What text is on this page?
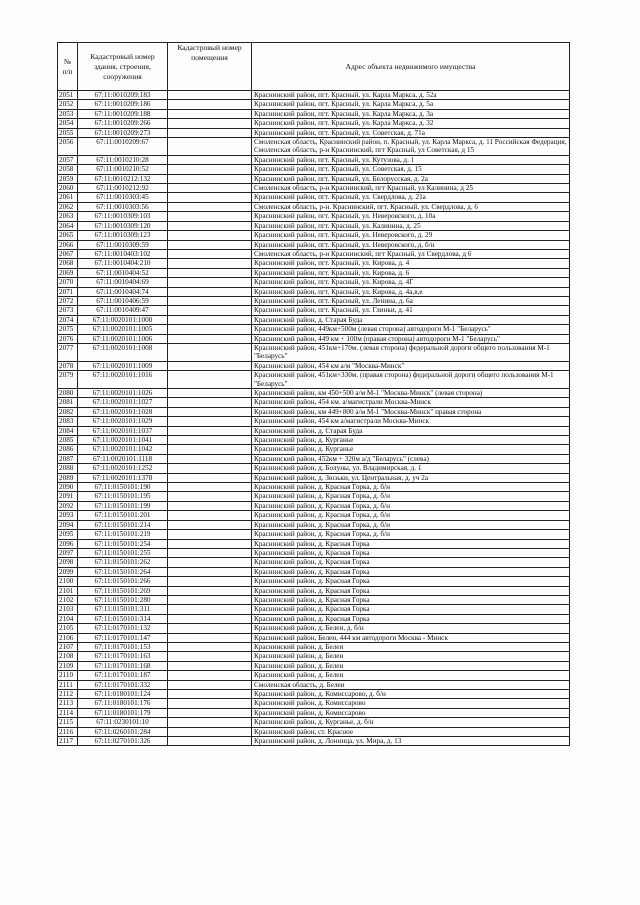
№ п/п	Кадастровый номер здания, строения, сооружения	Кадастровый номер помещения	Адрес объекта недвижимого имущества
2051	67:11:0010209:183		Краснинский район, пгт. Красный, ул. Карла Маркса, д. 52а
2052	67:11:0010209:186		Краснинский район, пгт. Красный, ул. Карла Маркса, д. 5а
2053	67:11:0010209:188		Краснинский район, пгт. Красный, ул. Карла Маркса, д. 3а
2054	67:11:0010209:266		Краснинский район, пгт. Красный, ул. Карла Маркса, д. 32
2055	67:11:0010209:273		Краснинский район, пгт. Красный, ул. Советская, д. 71а
2056	67:11:0010209:67		Смоленская область, Краснинский район, п. Красный, ул. Карла Маркса, д. 11 Российская Федерация, Смоленская область, р-н Краснинский, пгт Красный, ул Советская, д 15
2057	67:11:0010210:28		Краснинский район, пгт. Красный, ул. Кутузова, д. 1
2058	67:11:0010210:52		Краснинский район, пгт. Красный, ул. Советская, д. 15
2059	67:11:0010212:132		Краснинский район, пгт. Красный, ул. Белорусская, д. 2а
2060	67:11:0010212:92		Смоленская область, р-н Краснинский, пгт Красный, ул Калинина, д 25
2061	67:11:0010303:45		Краснинский район, пгт. Красный, ул. Свердлова, д. 21а
2062	67:11:0010303:56		Смоленская область, р-н. Краснинский, пгт. Красный, ул. Свердлова, д. 6
2063	67:11:0010309:103		Краснинский район, пгт. Красный, ул. Неверовского, д. 10а
2064	67:11:0010309:120		Краснинский район, пгт. Красный, ул. Калинина, д. 25
2065	67:11:0010309:123		Краснинский район, пгт. Красный, ул. Неверовского, д. 29
2066	67:11:0010309:59		Краснинский район, пгт. Красный, ул. Неверовского, д. б/н
2067	67:11:0010403:102		Смоленская область, р-н Краснинский, пгт Красный, ул Свердлова, д 6
2068	67:11:0010404:210		Краснинский район, пгт. Красный, ул. Кирова, д. 4
2069	67:11:0010404:52		Краснинский район, пгт. Красный, ул. Кирова, д. 6
2070	67:11:0010404:69		Краснинский район, пгт. Красный, ул. Кирова, д. 4Г
2071	67:11:0010404:74		Краснинский район, пгт. Красный, ул. Кирова, д. 4а,в,е
2072	67:11:0010406:59		Краснинский район, пгт. Красный, ул. Ленина, д. 6а
2073	67:11:0010409:47		Краснинский район, пгт. Красный, ул. Глинки, д. 41
2074	67:11:0020101:1000		Краснинский район, д. Старая Буда
2075	67:11:0020101:1005		Краснинский район, 449км+500м (левая сторона) автодороги М-1 "Беларусь"
2076	67:11:0020101:1006		Краснинский район, 449 км + 100м (правая сторона) автодороги М-1 "Беларусь"
2077	67:11:0020101:1008		Краснинский район, 451км+170м. (левая сторона) федеральной дороги общего пользования М-1 "Беларусь"
2078	67:11:0020101:1009		Краснинский район, 454 км а/м "Москва-Минск"
2079	67:11:0020101:1016		Краснинский район, 451км+330м. (правая сторона) федеральной дороги общего пользования М-1 "Беларусь"
2080	67:11:0020101:1026		Краснинский район, км 450+500 а/м М-1 "Москва-Минск" (левая сторона)
2081	67:11:0020101:1027		Краснинский район, 454 км. а/магистрали Москва-Минск
2082	67:11:0020101:1028		Краснинский район, км 449+800 а/м М-1 "Москва-Минск" правая сторона
2083	67:11:0020101:1029		Краснинский район, 454 км а/магистрали Москва-Минск
2084	67:11:0020101:1037		Краснинский район, д. Старая Буда
2085	67:11:0020101:1041		Краснинский район, д. Курганье
2086	67:11:0020101:1042		Краснинский район, д. Курганье
2087	67:11:0020101:1118		Краснинский район, 452км + 320м а/д "Беларусь" (слева)
2088	67:11:0020101:1252		Краснинский район, д. Болуны, ул. Владимирская, д. 1
2089	67:11:0020101:1378		Краснинский район, д. Зюзьки, ул. Центральная, д. уч 2а
2090	67:11:0150101:190		Краснинский район, д. Красная Горка, д. б/н
2091	67:11:0150101:195		Краснинский район, д. Красная Горка, д. б/н
2092	67:11:0150101:199		Краснинский район, д. Красная Горка, д. б/н
2093	67:11:0150101:201		Краснинский район, д. Красная Горка, д. б/н
2094	67:11:0150101:214		Краснинский район, д. Красная Горка, д. б/н
2095	67:11:0150101:219		Краснинский район, д. Красная Горка, д. б/н
2096	67:11:0150101:254		Краснинский район, д. Красная Горка
2097	67:11:0150101:255		Краснинский район, д. Красная Горка
2098	67:11:0150101:262		Краснинский район, д. Красная Горка
2099	67:11:0150101:264		Краснинский район, д. Красная Горка
2100	67:11:0150101:266		Краснинский район, д. Красная Горка
2101	67:11:0150101:269		Краснинский район, д. Красная Горка
2102	67:11:0150101:280		Краснинский район, д. Красная Горка
2103	67:11:0150101:311		Краснинский район, д. Красная Горка
2104	67:11:0150101:314		Краснинский район, д. Красная Горка
2105	67:11:0170101:132		Краснинский район, д. Белеи, д. б/н
2106	67:11:0170101:147		Краснинский район, Белеи, 444 км автодороги Москва - Минск
2107	67:11:0170101:153		Краснинский район, д. Белеи
2108	67:11:0170101:163		Краснинский район, д. Белеи
2109	67:11:0170101:168		Краснинский район, д. Белеи
2110	67:11:0170101:187		Краснинский район, д. Белеи
2111	67:11:0170101:332		Смоленская область, д. Белеи
2112	67:11:0180101:124		Краснинский район, д. Комиссарово, д. б/н
2113	67:11:0180101:176		Краснинский район, д. Комиссарово
2114	67:11:0180101:179		Краснинский район, д. Комиссарово
2115	67:11:0230101:10		Краснинский район, д. Курганье, д. б/н
2116	67:11:0260101:284		Краснинский район, ст. Красное
2117	67:11:0270101:326		Краснинский район, д. Лонница, ул. Мира, д. 13
